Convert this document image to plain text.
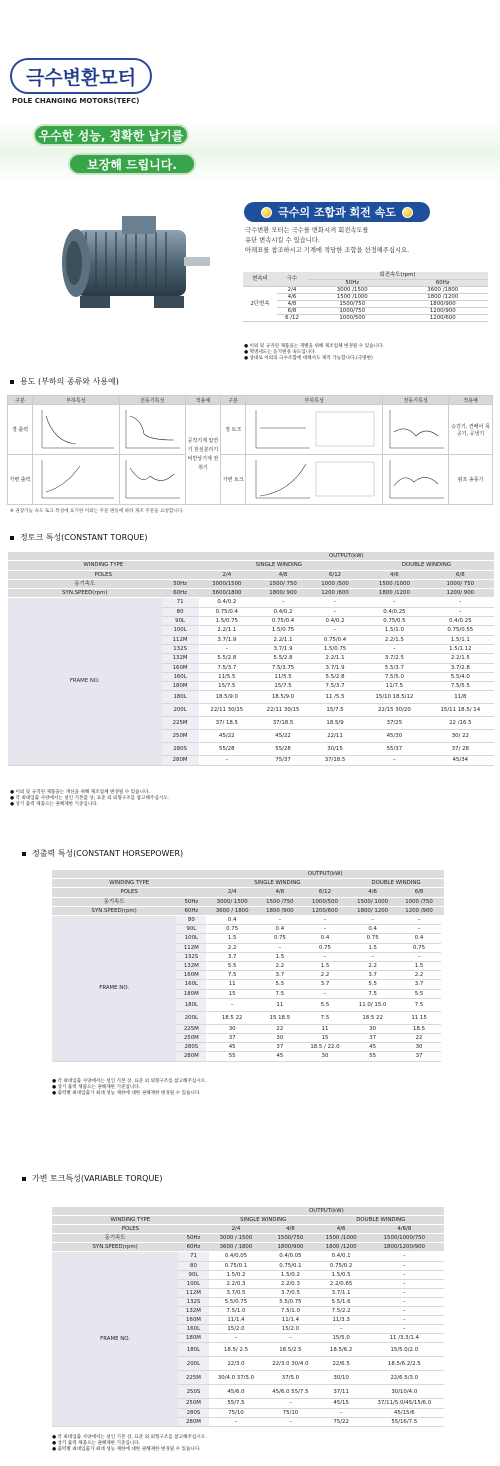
극수변환모터
POLE CHANGING MOTORS(TEFC)
우수한 성능, 정확한 납기를
보장해 드립니다.
극수의 조합과 회전 속도
극수변환 모터는 극수를 변화시켜 회전속도를
유단 변속시킬 수 있습니다.
아래표를 참조하시고 기계에 적당한 조합을 선정해주십시요.
변속비	극수	회전속도(rpm)	
		50Hz	60Hz
2단변속	2/4	3000 /1500	3600 /1800
	4/6	1500 /1000	1800 /1200
	4/8	1500/750	1800/900
	6/8	1000/750	1200/900
	6 /12	1000/500	1200/600
● 이외 및 규격된 제품을는 개별을 위해 제조업체 변경될 수 있습니다.
● 혁명세도는 동기변경 속도입니다.
● 상대로 이외의 극수조합에 대해서도 제작 가능합니다.(극명변)
용도 (부하의 종류와 사용예)
구분	부하특성	전동기특성	적용예	구분	부하특성	전동기특성	적용예
경 출력			공작기계 압연기 원심분리기 비반상기계 권취기	정 토크			승강기, 컨베어 목공기, 공냉기
가변 출력				가변 토크			펌프 송풍기
※ 권장가능 속도 토크 특성에 표기한 이외는 주문 변동에 따라 제조 주문을 요청합니다.
정토크 특성(CONSTANT TORQUE)
		OUTPUT(kW)					
WINDING TYPE		SINGLE WINDING			DOUBLE WINDING		
POLES		2/4	4/8	6/12		4/6	6/8
동기속도	50Hz	3000/1500	1500/ 750	1000 /500		1500 /1000	1000/ 750
SYN.SPEED(rpm)	60Hz	3600/1800	1800/ 900	1200 /600		1800 /1200	1200/ 900
FRAME NO.	71	0.4/0.2	–	–		–	–
	80	0.75/0.4	0.4/0.2	–		0.4/0.25	–
	90L	1.5/0.75	0.75/0.4	0.4/0.2		0.75/0.5	0.4/0.25
	100L	2.2/1.1	1.5/0.75	–		1.5/1.0	0.75/0.55
	112M	3.7/1.9	2.2/1.1	0.75/0.4		2.2/1.5	1.5/1.1
	132S	–	3.7/1.9	1.5/0.75		–	1.5/1.12
	132M	5.5/2.8	5.5/2.8	2.2/1.1		3.7/2.5	2.2/1.5
	160M	7.5/3.7	7.5/3.75	3.7/1.9		5.5/3.7	3.7/2.8
	160L	11/5.5	11/5.5	5.5/2.8		7.5/5.0	5.5/4.0
	180M	15/7.5	15/7.5	7.5/3.7		11/7.5	7.5/5.5
	180L	18.5/9.0	18.5/9.0	11 /5.5		15/10 18.5/12	11/8
	200L	22/11 30/15	22/11 30/15	15/7.5		22/15 30/20	15/11 18.5/ 14
	225M	37/ 18.5	37/18.5	18.5/9		37/25	22 /16.5
	250M	45/22	45/22	22/11		45/30	30/ 22
	280S	55/28	55/28	30/15		55/37	37/ 28
	280M	–	75/37	37/18.5		–	45/34
● 이외 및 규격된 제품을는 개선을 위해 제조업체 변경될 수 있습니다.
● 각 최대입출 사양에서는 설인 기본값 상, 표준 외 외형구조를 참고해주십시오.
● 상기 출력 제품으는 권해제한 기준입니다.
정출력 특성(CONSTANT HORSEPOWER)
		OUTPUT(kW)					
WINDING TYPE		SINGLE WINDING			DOUBLE WINDING		
POLES		2/4	4/8	6/12	4/6	6/8	
동기속도	50Hz	3000/ 1500	1500 /750	1000/500	1500/ 1000	1000 /750	
SYN.SPEED(rpm)	60Hz	3600 / 1800	1800 /900	1200/600	1800/ 1200	1200 /900	
FRAME NO.	80	0.4	–	–	–	–	
	90L	0.75	0.4	–	0.4	–	
	100L	1.5	0.75	0.4	0.75	0.4	
	112M	2.2	–	0.75	1.5	0.75	
	132S	3.7	1.5	–	–	–	
	132M	5.5	2.2	1.5	2.2	1.5	
	160M	7.5	3.7	2.2	3.7	2.2	
	160L	11	5.5	3.7	5.5	3.7	
	180M	15	7.5	–	7.5	5.5	
	180L	–	11	5.5	11.0/ 15.0	7.5	
	200L	18.5 22	15 18.5	7.5	18.5 22	11 15	
	225M	30	22	11	30	18.5	
	250M	37	30	15	37	22	
	280S	45	37	18.5 / 22.0	45	30	
	280M	55	45	30	55	37	
● 각 최대입출 사양에서는 설인 기본 상, 표준 외 외형구조를 참고해주십시오.
● 상기 출력 제품으는 권해제한 기준입니다.
● 출력별 최대입출가 최대 성능 제한에 대한 권해제한 변경될 수 있습니다.
가변 토크특성(VARIABLE TORQUE)
		OUTPUT(kW)			
WINDING TYPE		SINGLE WINDING		DOUBLE WINDING	
POLES		2/4	4/8	4/6	4/6/8
동기속도	50Hz	3000 / 1500	1500/750	1500 /1000	1500/1000/750
SYN.SPEED(rpm)	60Hz	3600 / 1800	1800/900	1800 /1200	1800/1200/900
FRAME NO.	71	0.4/0.05	0.4/0.05	0.4/0.1	–
	80	0.75/0.1	0.75/0.1	0.75/0.2	–
	90L	1.5/0.2	1.5/0.2	1.5/0.5	–
	100L	2.2/0.3	2.2/0.3	2.2/0.65	–
	112M	3.7/0.5	3.7/0.5	3.7/1.1	–
	132S	5.5/0.75	5.5/0.75	5.5/1.6	–
	132M	7.5/1.0	7.5/1.0	7.5/2.2	–
	160M	11/1.4	11/1.4	11/3.3	–
	160L	15/2.0	15/2.0	–	–
	180M	–	–	15/5.0	11 /3.3/1.4
	180L	18.5/ 2.5	18.5/2.5	18.5/6.2	15/5.0/2.0
	200L	22/3.0	22/3.0 30/4.0	22/6.5	18.5/6.2/2.5
	225M	30/4.0 37/5.0	37/5.0	30/10	22/6.5/3.0
	250S	45/6.0	45/6.0 55/7.5	37/11	30/10/4.0
	250M	55/7.5	–	45/15	37/11/5.0/45/15/6.0
	280S	75/10	75/10	–	45/15/6
	280M	–	–	75/22	55/16/7.5
● 각 최대입출 사양에서는 설인 기본 상, 표준 외 외형구조를 참고해주십시오.
● 상기 출력 제품으는 권해제한 기준입니다.
● 출력별 최대입출가 최대 성능 제한에 대한 권해제한 변경될 수 있습니다.
